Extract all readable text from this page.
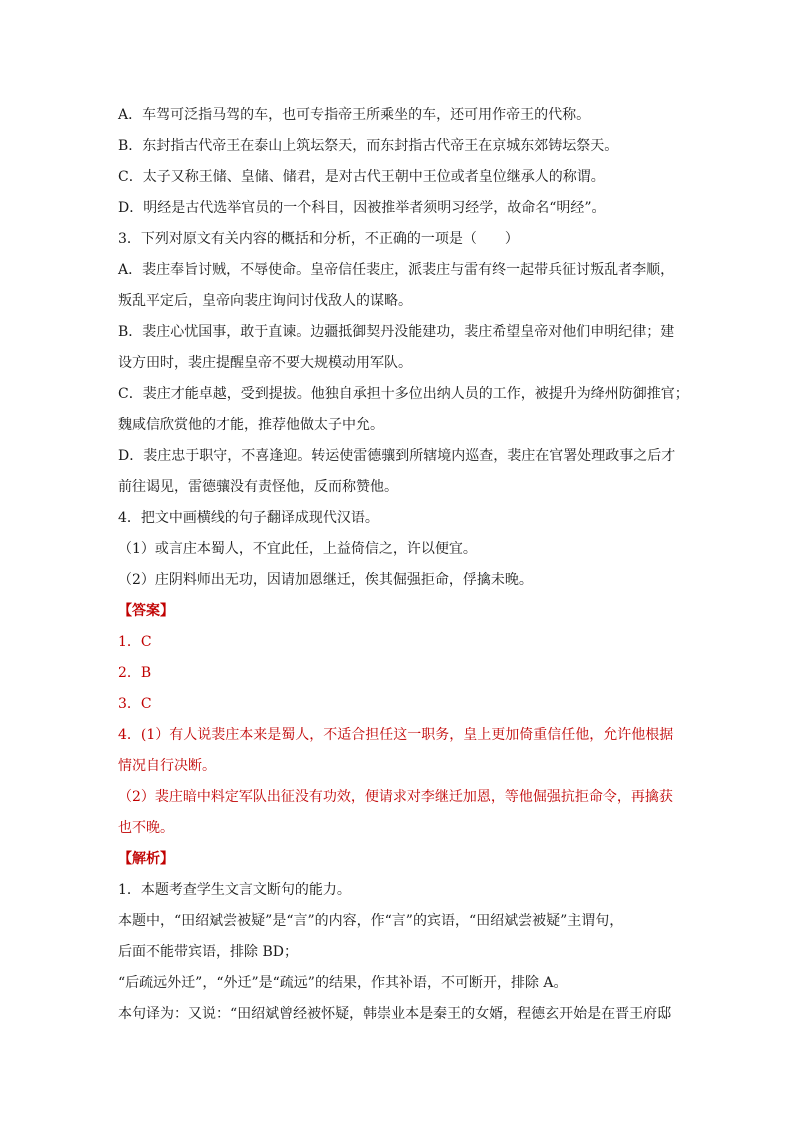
A．车驾可泛指马驾的车，也可专指帝王所乘坐的车，还可用作帝王的代称。
B．东封指古代帝王在泰山上筑坛祭天，而东封指古代帝王在京城东郊铸坛祭天。
C．太子又称王储、皇储、储君，是对古代王朝中王位或者皇位继承人的称谓。
D．明经是古代选举官员的一个科目，因被推举者须明习经学，故命名“明经”。
3．下列对原文有关内容的概括和分析，不正确的一项是（　　）
A．裴庄奉旨讨贼，不辱使命。皇帝信任裴庄，派裴庄与雷有终一起带兵征讨叛乱者李顺，
叛乱平定后，皇帝向裴庄询问讨伐敌人的谋略。
B．裴庄心忧国事，敢于直谏。边疆抵御契丹没能建功，裴庄希望皇帝对他们申明纪律；建
设方田时，裴庄提醒皇帝不要大规模动用军队。
C．裴庄才能卓越，受到提拔。他独自承担十多位出纳人员的工作，被提升为绛州防御推官；
魏咸信欣赏他的才能，推荐他做太子中允。
D．裴庄忠于职守，不喜逢迎。转运使雷德骧到所辖境内巡查，裴庄在官署处理政事之后才
前往谒见，雷德骧没有责怪他，反而称赞他。
4．把文中画横线的句子翻译成现代汉语。
（1）或言庄本蜀人，不宜此任，上益倚信之，许以便宜。
（2）庄阴料师出无功，因请加恩继迁，俟其倔强拒命，俘擒未晚。
【答案】
1．C
2．B
3．C
4．(1）有人说裴庄本来是蜀人，不适合担任这一职务，皇上更加倚重信任他，允许他根据
情况自行决断。
（2）裴庄暗中料定军队出征没有功效，便请求对李继迁加恩，等他倔强抗拒命令，再擒获
也不晚。
【解析】
1．本题考查学生文言文断句的能力。
本题中，“田绍斌尝被疑”是“言”的内容，作“言”的宾语，“田绍斌尝被疑”主谓句，
后面不能带宾语，排除 BD；
“后疏远外迁”，“外迁”是“疏远”的结果，作其补语，不可断开，排除 A。
本句译为：又说：“田绍斌曾经被怀疑，韩崇业本是秦王的女婿，程德玄开始是在晋王府邸
